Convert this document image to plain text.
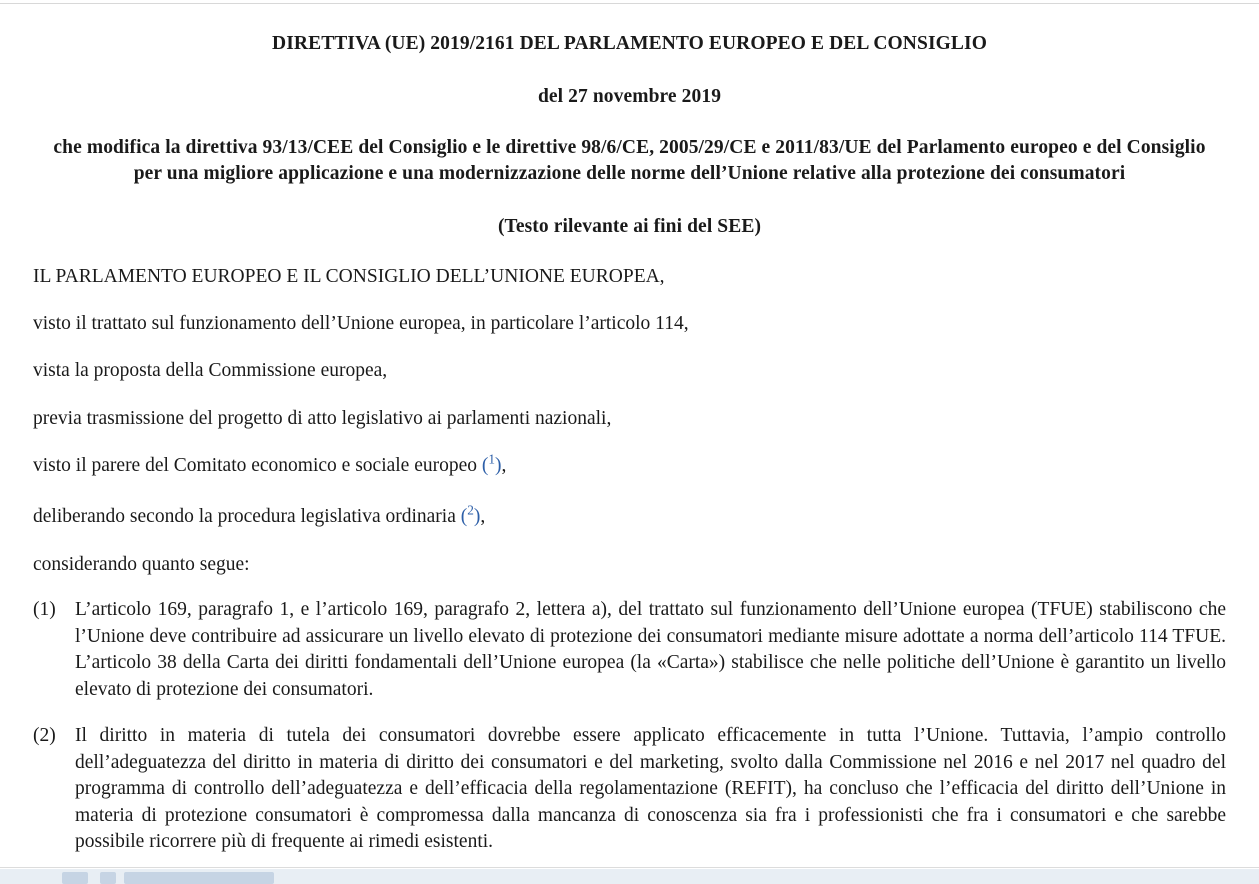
DIRETTIVA (UE) 2019/2161 DEL PARLAMENTO EUROPEO E DEL CONSIGLIO
del 27 novembre 2019
che modifica la direttiva 93/13/CEE del Consiglio e le direttive 98/6/CE, 2005/29/CE e 2011/83/UE del Parlamento europeo e del Consiglio per una migliore applicazione e una modernizzazione delle norme dell’Unione relative alla protezione dei consumatori
(Testo rilevante ai fini del SEE)
IL PARLAMENTO EUROPEO E IL CONSIGLIO DELL’UNIONE EUROPEA,
visto il trattato sul funzionamento dell’Unione europea, in particolare l’articolo 114,
vista la proposta della Commissione europea,
previa trasmissione del progetto di atto legislativo ai parlamenti nazionali,
visto il parere del Comitato economico e sociale europeo ($^1$),
deliberando secondo la procedura legislativa ordinaria ($^2$),
considerando quanto segue:
(1) L’articolo 169, paragrafo 1, e l’articolo 169, paragrafo 2, lettera a), del trattato sul funzionamento dell’Unione europea (TFUE) stabiliscono che l’Unione deve contribuire ad assicurare un livello elevato di protezione dei consumatori mediante misure adottate a norma dell’articolo 114 TFUE. L’articolo 38 della Carta dei diritti fondamentali dell’Unione europea (la «Carta») stabilisce che nelle politiche dell’Unione è garantito un livello elevato di protezione dei consumatori.
(2) Il diritto in materia di tutela dei consumatori dovrebbe essere applicato efficacemente in tutta l’Unione. Tuttavia, l’ampio controllo dell’adeguatezza del diritto in materia di diritto dei consumatori e del marketing, svolto dalla Commissione nel 2016 e nel 2017 nel quadro del programma di controllo dell’adeguatezza e dell’efficacia della regolamentazione (REFIT), ha concluso che l’efficacia del diritto dell’Unione in materia di protezione consumatori è compromessa dalla mancanza di conoscenza sia fra i professionisti che fra i consumatori e che sarebbe possibile ricorrere più di frequente ai rimedi esistenti.
